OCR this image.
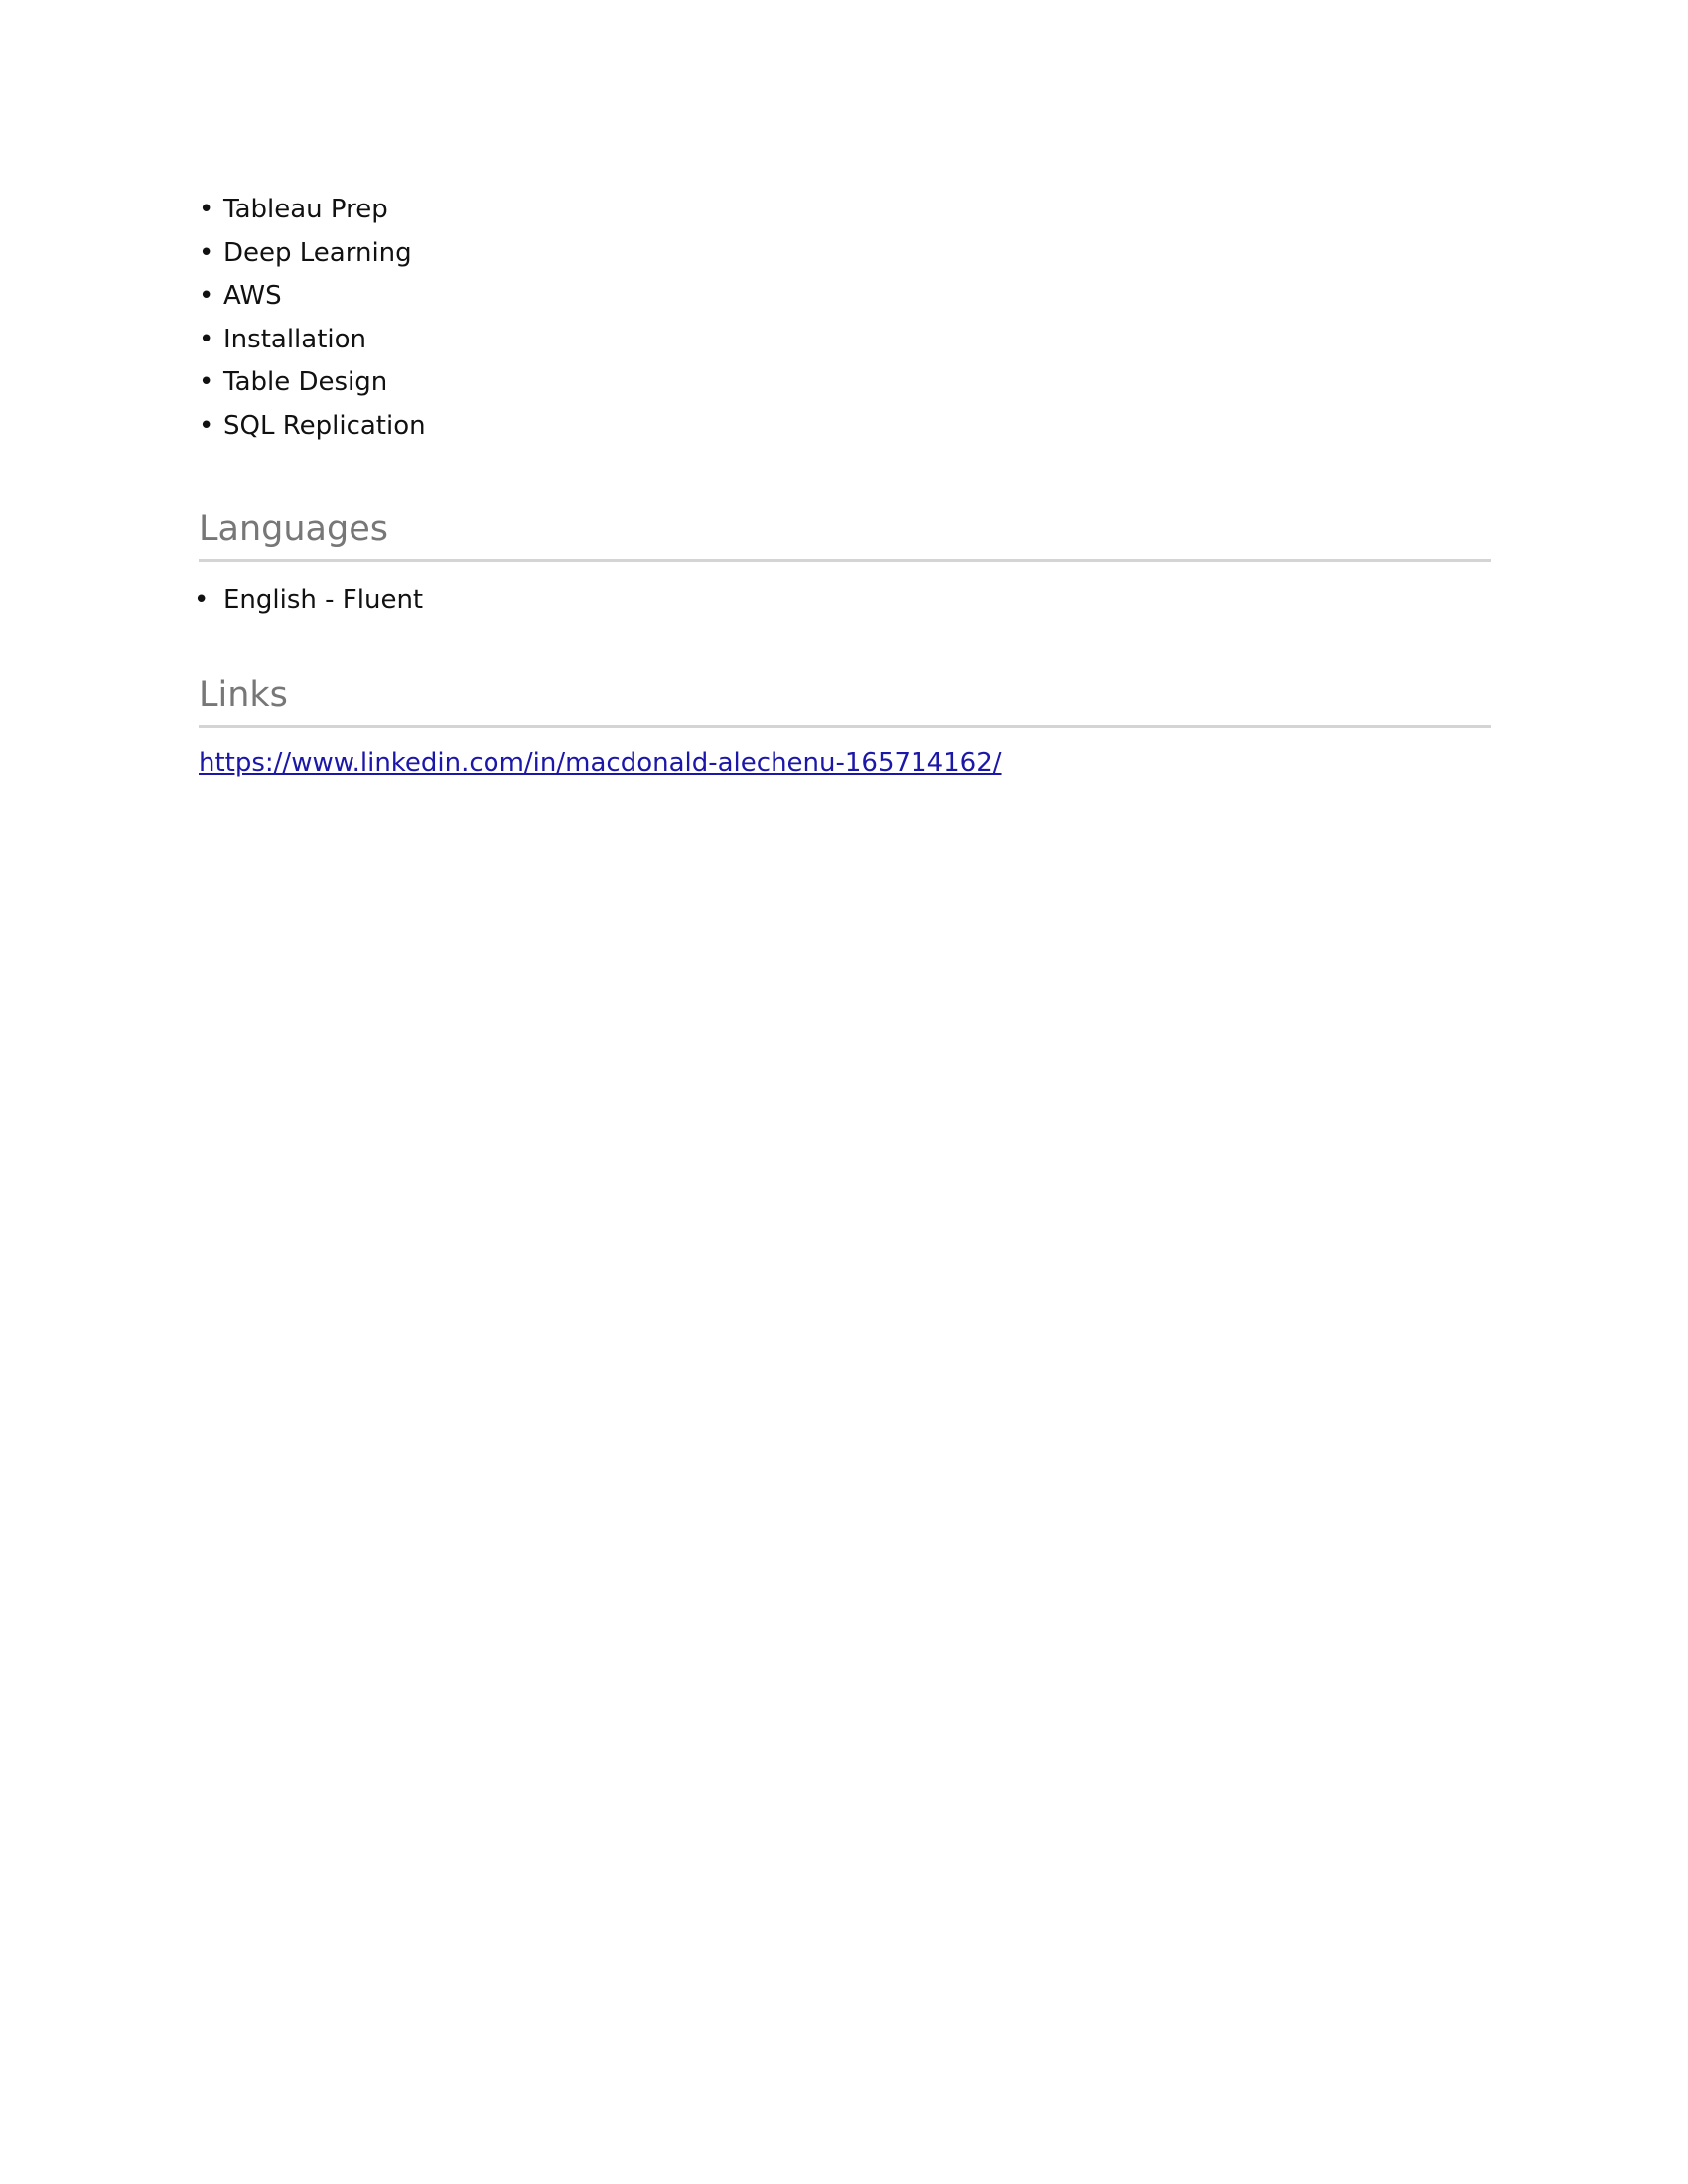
• Tableau Prep
• Deep Learning
• AWS
• Installation
• Table Design
• SQL Replication
Languages
• English - Fluent
Links
https://www.linkedin.com/in/macdonald-alechenu-165714162/
